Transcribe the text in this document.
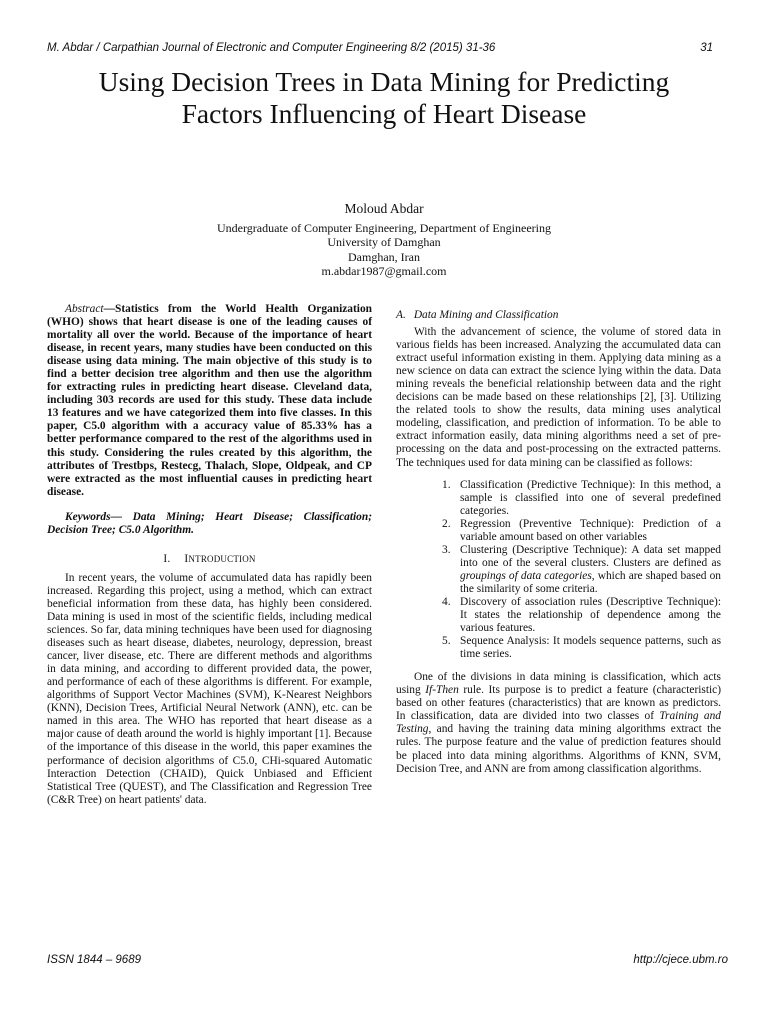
M. Abdar / Carpathian Journal of Electronic and Computer Engineering 8/2 (2015) 31-36	31
Using Decision Trees in Data Mining for Predicting
Factors Influencing of Heart Disease
Moloud Abdar
Undergraduate of Computer Engineering, Department of Engineering
University of Damghan
Damghan, Iran
m.abdar1987@gmail.com

Abstract—Statistics from the World Health Organization (WHO) shows that heart disease is one of the leading causes of mortality all over the world. Because of the importance of heart disease, in recent years, many studies have been conducted on this disease using data mining. The main objective of this study is to find a better decision tree algorithm and then use the algorithm for extracting rules in predicting heart disease. Cleveland data, including 303 records are used for this study. These data include 13 features and we have categorized them into five classes. In this paper, C5.0 algorithm with a accuracy value of 85.33% has a better performance compared to the rest of the algorithms used in this study. Considering the rules created by this algorithm, the attributes of Trestbps, Restecg, Thalach, Slope, Oldpeak, and CP were extracted as the most influential causes in predicting heart disease.

Keywords— Data Mining; Heart Disease; Classification; Decision Tree; C5.0 Algorithm.

I. INTRODUCTION

In recent years, the volume of accumulated data has rapidly been increased. Regarding this project, using a method, which can extract beneficial information from these data, has highly been considered. Data mining is used in most of the scientific fields, including medical sciences. So far, data mining techniques have been used for diagnosing diseases such as heart disease, diabetes, neurology, depression, breast cancer, liver disease, etc. There are different methods and algorithms in data mining, and according to different provided data, the power, and performance of each of these algorithms is different. For example, algorithms of Support Vector Machines (SVM), K-Nearest Neighbors (KNN), Decision Trees, Artificial Neural Network (ANN), etc. can be named in this area. The WHO has reported that heart disease as a major cause of death around the world is highly important [1]. Because of the importance of this disease in the world, this paper examines the performance of decision algorithms of C5.0, CHi-squared Automatic Interaction Detection (CHAID), Quick Unbiased and Efficient Statistical Tree (QUEST), and The Classification and Regression Tree (C&R Tree) on heart patients' data.

A. Data Mining and Classification

With the advancement of science, the volume of stored data in various fields has been increased. Analyzing the accumulated data can extract useful information existing in them. Applying data mining as a new science on data can extract the science lying within the data. Data mining reveals the beneficial relationship between data and the right decisions can be made based on these relationships [2], [3]. Utilizing the related tools to show the results, data mining uses analytical modeling, classification, and prediction of information. To be able to extract information easily, data mining algorithms need a set of pre-processing on the data and post-processing on the extracted patterns. The techniques used for data mining can be classified as follows:

1. Classification (Predictive Technique): In this method, a sample is classified into one of several predefined categories.
2. Regression (Preventive Technique): Prediction of a variable amount based on other variables
3. Clustering (Descriptive Technique): A data set mapped into one of the several clusters. Clusters are defined as groupings of data categories, which are shaped based on the similarity of some criteria.
4. Discovery of association rules (Descriptive Technique): It states the relationship of dependence among the various features.
5. Sequence Analysis: It models sequence patterns, such as time series.

One of the divisions in data mining is classification, which acts using If-Then rule. Its purpose is to predict a feature (characteristic) based on other features (characteristics) that are known as predictors. In classification, data are divided into two classes of Training and Testing, and having the training data mining algorithms extract the rules. The purpose feature and the value of prediction features should be placed into data mining algorithms. Algorithms of KNN, SVM, Decision Tree, and ANN are from among classification algorithms.

ISSN 1844 – 9689	http://cjece.ubm.ro
